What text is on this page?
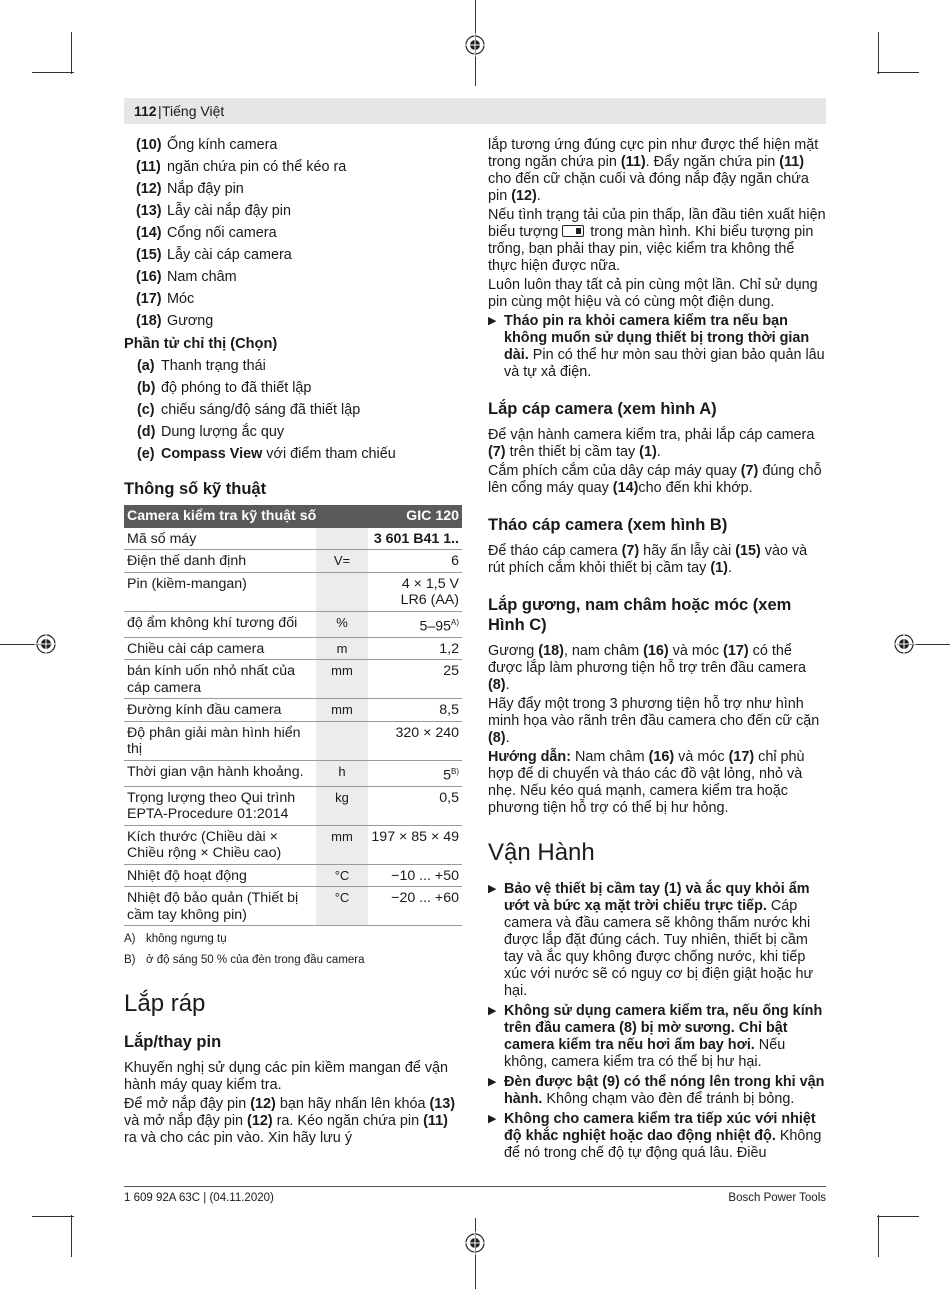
112 | Tiếng Việt
(10) Ống kính camera
(11) ngăn chứa pin có thể kéo ra
(12) Nắp đậy pin
(13) Lẫy cài nắp đậy pin
(14) Cổng nối camera
(15) Lẫy cài cáp camera
(16) Nam châm
(17) Móc
(18) Gương
Phần tử chỉ thị (Chọn)
(a) Thanh trạng thái
(b) độ phóng to đã thiết lập
(c) chiếu sáng/độ sáng đã thiết lập
(d) Dung lượng ắc quy
(e) Compass View với điểm tham chiếu
Thông số kỹ thuật
Camera kiểm tra kỹ thuật số		GIC 120
Mã số máy		3 601 B41 1..
Điện thế danh định	V=	6
Pin (kiềm-mangan)		4 × 1,5 V
LR6 (AA)

độ ẩm không khí tương đối	%	$5-95^{A)}$
Chiều cài cáp camera	m	1,2
bán kính uốn nhỏ nhất của cáp camera	mm	25
Đường kính đầu camera	mm	8,5
Độ phân giải màn hình hiển thị		320 × 240
Thời gian vận hành khoảng.	h	$5^{B)}$
Trọng lượng theo Qui trình EPTA-Procedure 01:2014	kg	0,5
Kích thước (Chiều dài × Chiều rộng × Chiều cao)	mm	197 × 85 × 49
Nhiệt độ hoạt động	°C	−10 ... +50
Nhiệt độ bảo quản (Thiết bị cầm tay không pin)	°C	−20 ... +60
A) không ngưng tụ
B) ở độ sáng 50 % của đèn trong đầu camera
Lắp ráp
Lắp/thay pin
Khuyến nghị sử dụng các pin kiềm mangan để vận hành máy quay kiểm tra.
Để mở nắp đậy pin (12) bạn hãy nhấn lên khóa (13) và mở nắp đậy pin (12) ra. Kéo ngăn chứa pin (11) ra và cho các pin vào. Xin hãy lưu ý
lắp tương ứng đúng cực pin như được thể hiện mặt trong ngăn chứa pin (11). Đẩy ngăn chứa pin (11) cho đến cữ chặn cuối và đóng nắp đậy ngăn chứa pin (12).
Nếu tình trạng tải của pin thấp, lần đầu tiên xuất hiện biểu tượng  trong màn hình. Khi biểu tượng pin trống, bạn phải thay pin, việc kiểm tra không thể thực hiện được nữa.
Luôn luôn thay tất cả pin cùng một lần. Chỉ sử dụng pin cùng một hiệu và có cùng một điện dung.
▶ Tháo pin ra khỏi camera kiểm tra nếu bạn không muốn sử dụng thiết bị trong thời gian dài. Pin có thể hư mòn sau thời gian bảo quản lâu và tự xả điện.
Lắp cáp camera (xem hình A)
Để vận hành camera kiểm tra, phải lắp cáp camera (7) trên thiết bị cầm tay (1).
Cắm phích cắm của dây cáp máy quay (7) đúng chỗ lên cổng máy quay (14)cho đến khi khớp.
Tháo cáp camera (xem hình B)
Để tháo cáp camera (7) hãy ấn lẫy cài (15) vào và rút phích cắm khỏi thiết bị cầm tay (1).
Lắp gương, nam châm hoặc móc (xem Hình C)
Gương (18), nam châm (16) và móc (17) có thể được lắp làm phương tiện hỗ trợ trên đầu camera (8).
Hãy đẩy một trong 3 phương tiện hỗ trợ như hình minh họa vào rãnh trên đầu camera cho đến cữ cặn (8).
Hướng dẫn: Nam châm (16) và móc (17) chỉ phù hợp để di chuyển và tháo các đồ vật lỏng, nhỏ và nhẹ. Nếu kéo quá mạnh, camera kiểm tra hoặc phương tiện hỗ trợ có thể bị hư hỏng.
Vận Hành
▶ Bảo vệ thiết bị cầm tay (1) và ắc quy khỏi ẩm ướt và bức xạ mặt trời chiếu trực tiếp. Cáp camera và đầu camera sẽ không thấm nước khi được lắp đặt đúng cách. Tuy nhiên, thiết bị cầm tay và ắc quy không được chống nước, khi tiếp xúc với nước sẽ có nguy cơ bị điện giật hoặc hư hại.
▶ Không sử dụng camera kiểm tra, nếu ống kính trên đầu camera (8) bị mờ sương. Chỉ bật camera kiểm tra nếu hơi ẩm bay hơi. Nếu không, camera kiểm tra có thể bị hư hại.
▶ Đèn được bật (9) có thể nóng lên trong khi vận hành. Không chạm vào đèn để tránh bị bỏng.
▶ Không cho camera kiểm tra tiếp xúc với nhiệt độ khắc nghiệt hoặc dao động nhiệt độ. Không để nó trong chế độ tự động quá lâu. Điều
1 609 92A 63C | (04.11.2020)	Bosch Power Tools
